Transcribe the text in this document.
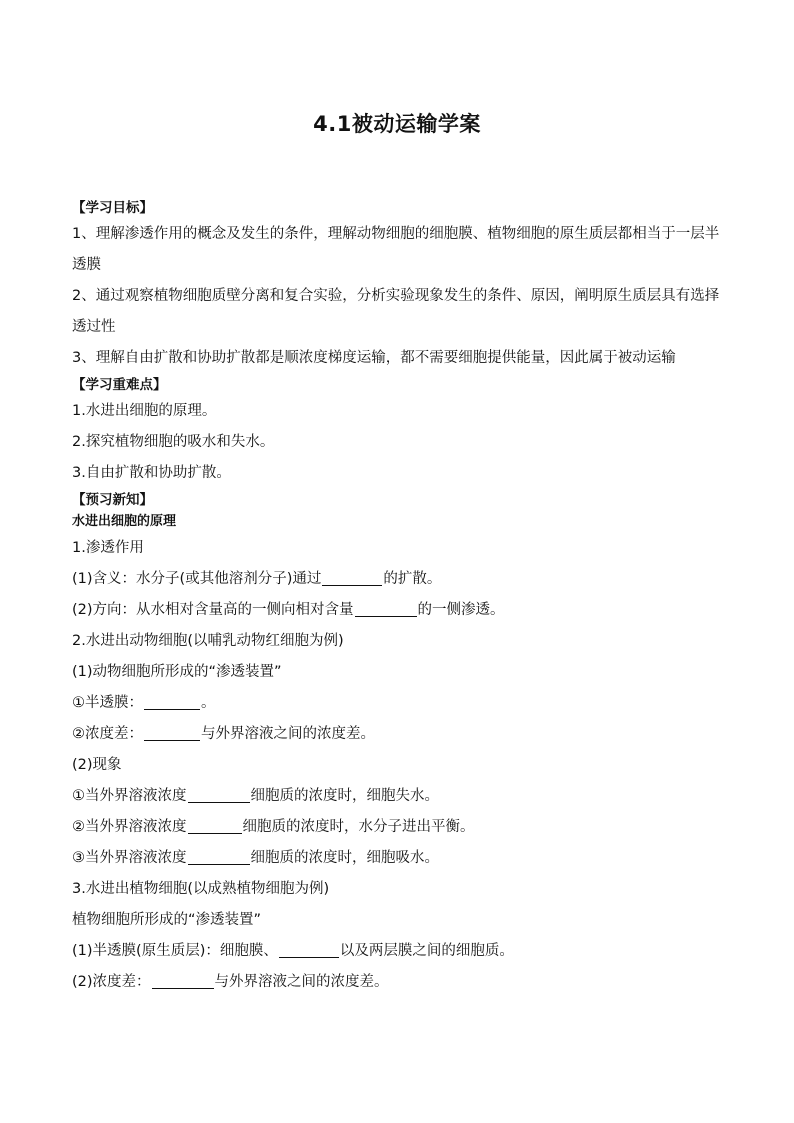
4.1被动运输学案
【学习目标】
1、理解渗透作用的概念及发生的条件，理解动物细胞的细胞膜、植物细胞的原生质层都相当于一层半透膜
2、通过观察植物细胞质壁分离和复合实验，分析实验现象发生的条件、原因，阐明原生质层具有选择透过性
3、理解自由扩散和协助扩散都是顺浓度梯度运输，都不需要细胞提供能量，因此属于被动运输
【学习重难点】
1.水进出细胞的原理。
2.探究植物细胞的吸水和失水。
3.自由扩散和协助扩散。
【预习新知】
水进出细胞的原理
1.渗透作用
(1)含义：水分子(或其他溶剂分子)通过	的扩散。
(2)方向：从水相对含量高的一侧向相对含量	的一侧渗透。
2.水进出动物细胞(以哺乳动物红细胞为例)
(1)动物细胞所形成的“渗透装置”
①半透膜：	。
②浓度差：	与外界溶液之间的浓度差。
(2)现象
①当外界溶液浓度	细胞质的浓度时，细胞失水。
②当外界溶液浓度	细胞质的浓度时，水分子进出平衡。
③当外界溶液浓度	细胞质的浓度时，细胞吸水。
3.水进出植物细胞(以成熟植物细胞为例)
植物细胞所形成的“渗透装置”
(1)半透膜(原生质层)：细胞膜、	以及两层膜之间的细胞质。
(2)浓度差：	与外界溶液之间的浓度差。
